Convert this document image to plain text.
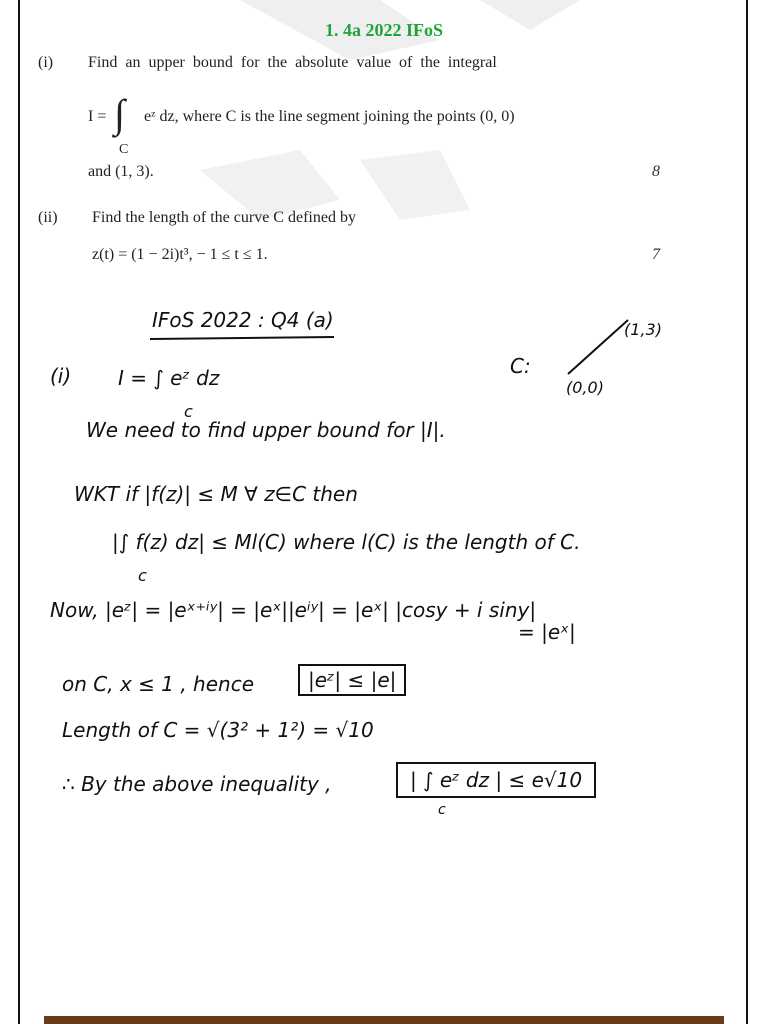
1. 4a 2022 IFoS
(i) Find an upper bound for the absolute value of the integral
I = ∫ eᶻ dz, where C is the line segment joining the points (0, 0)
C
and (1, 3).	8
(ii) Find the length of the curve C defined by
z(t) = (1 − 2i)t³, − 1 ≤ t ≤ 1.	7
IFoS 2022 : Q4 (a)	(1,3)
(0,0)
C:
(i) I = ∫ eᶻ dz
c
We need to find upper bound for |I|.
WKT if |f(z)| ≤ M ∀ z∈C then
|∫ f(z) dz| ≤ Ml(C) where l(C) is the length of C.
c
Now, |eᶻ| = |eˣ⁺ⁱʸ| = |eˣ||eⁱʸ| = |eˣ| |cosy + i siny|
= |eˣ|
on C, x ≤ 1 , hence	|eᶻ| ≤ |e|
Length of C = √(3² + 1²) = √10
∴ By the above inequality ,	| ∫ eᶻ dz | ≤ e√10
c
